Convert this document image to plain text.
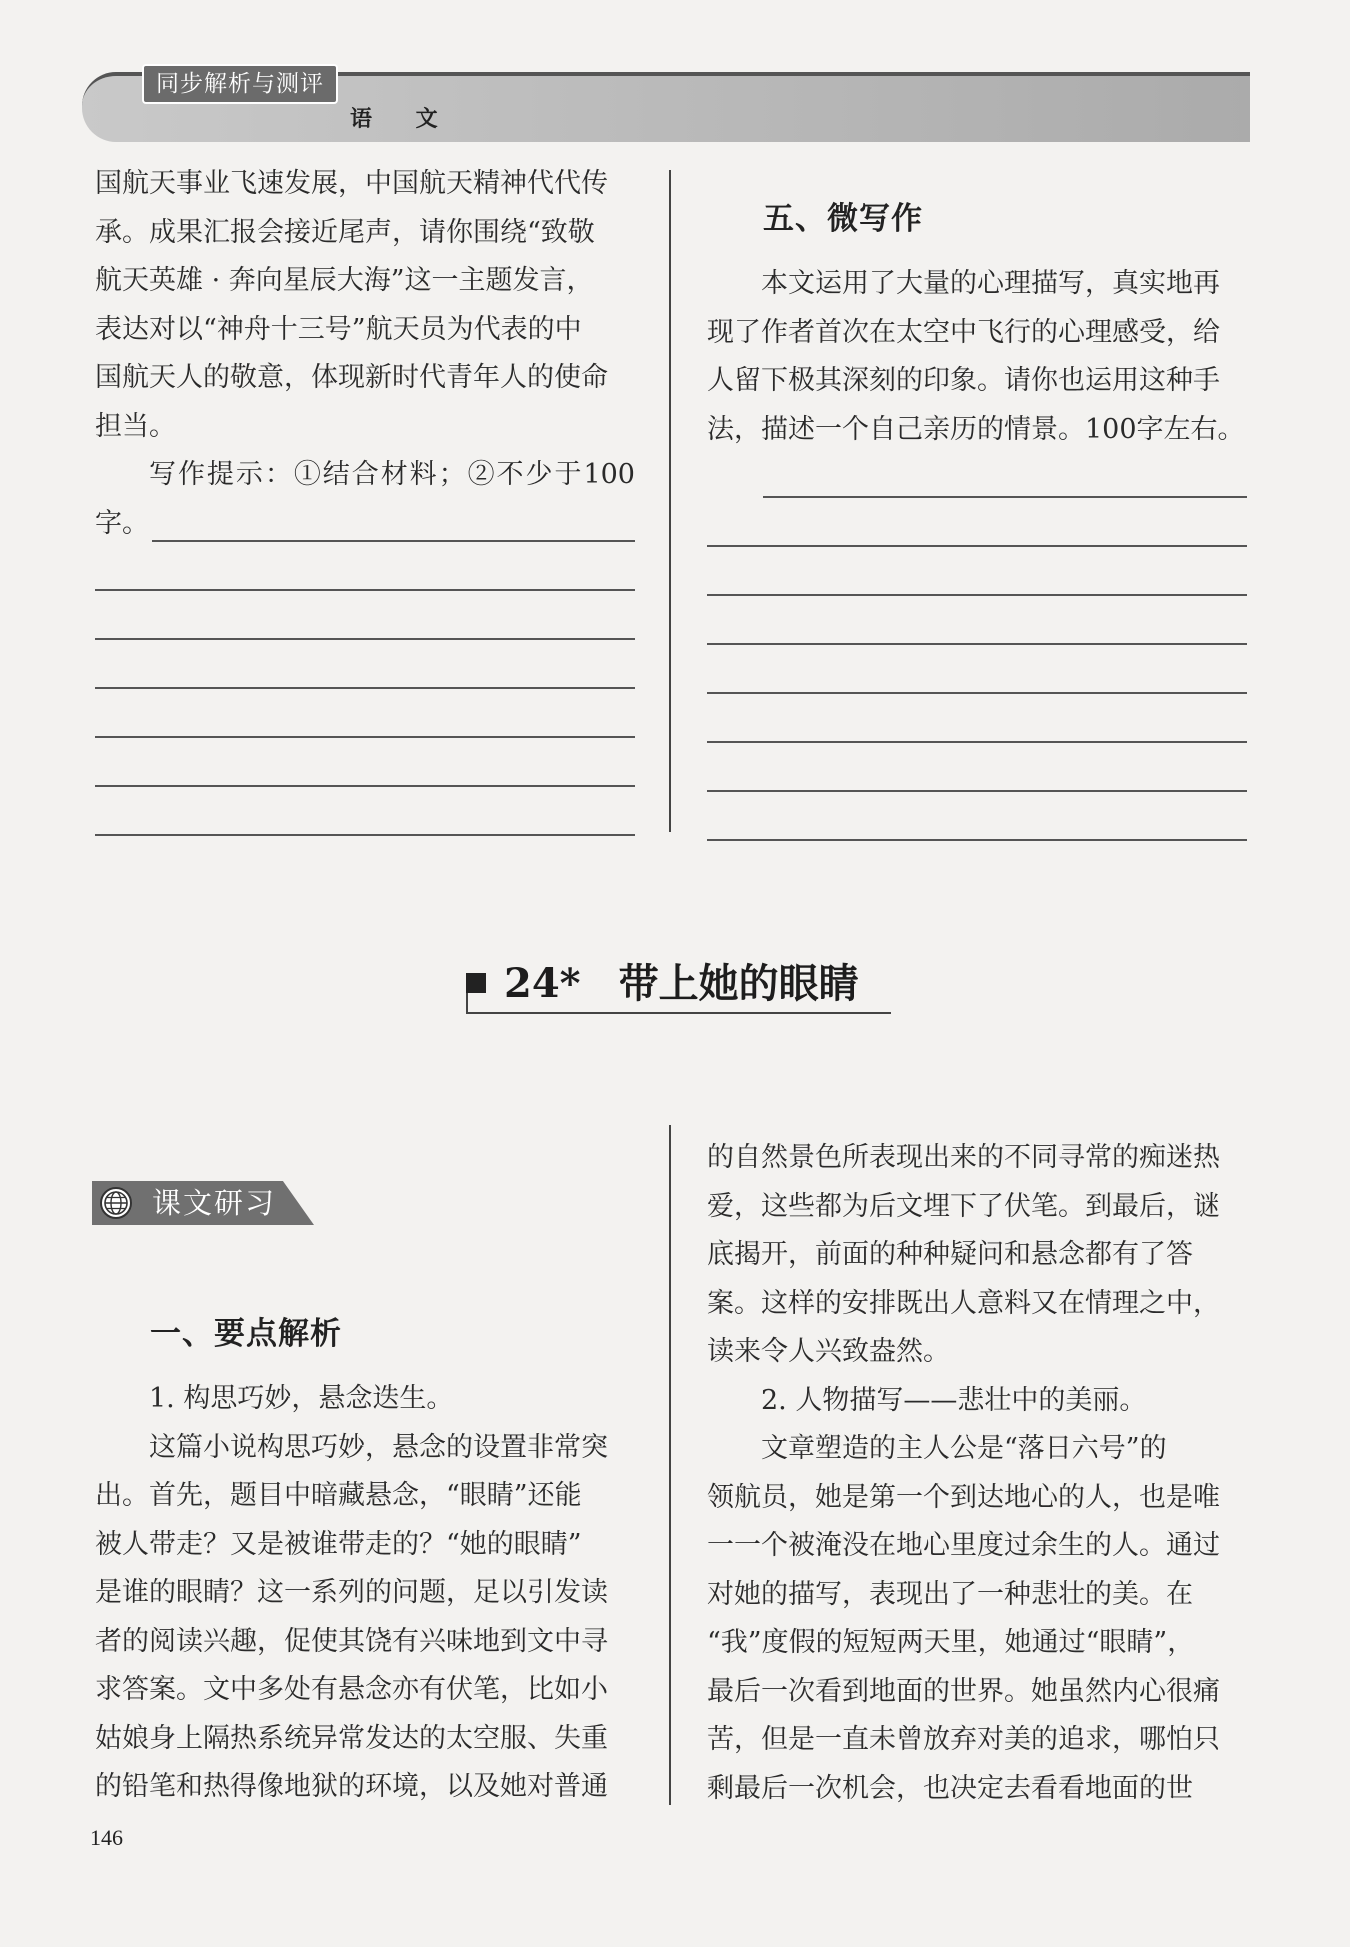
同步解析与测评
语 文

国航天事业飞速发展，中国航天精神代代传

承。成果汇报会接近尾声，请你围绕“致敬

航天英雄 · 奔向星辰大海”这一主题发言，

表达对以“神舟十三号”航天员为代表的中

国航天人的敬意，体现新时代青年人的使命

担当。

写作提示：①结合材料；②不少于100字。

五、微写作

本文运用了大量的心理描写，真实地再

现了作者首次在太空中飞行的心理感受，给

人留下极其深刻的印象。请你也运用这种手

法，描述一个自己亲历的情景。100字左右。

24* 带上她的眼睛
课文研习
一、要点解析

1. 构思巧妙，悬念迭生。

这篇小说构思巧妙，悬念的设置非常突

出。首先，题目中暗藏悬念，“眼睛”还能

被人带走？又是被谁带走的？“她的眼睛”

是谁的眼睛？这一系列的问题，足以引发读

者的阅读兴趣，促使其饶有兴味地到文中寻

求答案。文中多处有悬念亦有伏笔，比如小

姑娘身上隔热系统异常发达的太空服、失重

的铅笔和热得像地狱的环境，以及她对普通

的自然景色所表现出来的不同寻常的痴迷热

爱，这些都为后文埋下了伏笔。到最后，谜

底揭开，前面的种种疑问和悬念都有了答

案。这样的安排既出人意料又在情理之中，

读来令人兴致盎然。

2. 人物描写——悲壮中的美丽。

文章塑造的主人公是“落日六号”的

领航员，她是第一个到达地心的人，也是唯

一一个被淹没在地心里度过余生的人。通过

对她的描写，表现出了一种悲壮的美。在

“我”度假的短短两天里，她通过“眼睛”，

最后一次看到地面的世界。她虽然内心很痛

苦，但是一直未曾放弃对美的追求，哪怕只

剩最后一次机会，也决定去看看地面的世

146
